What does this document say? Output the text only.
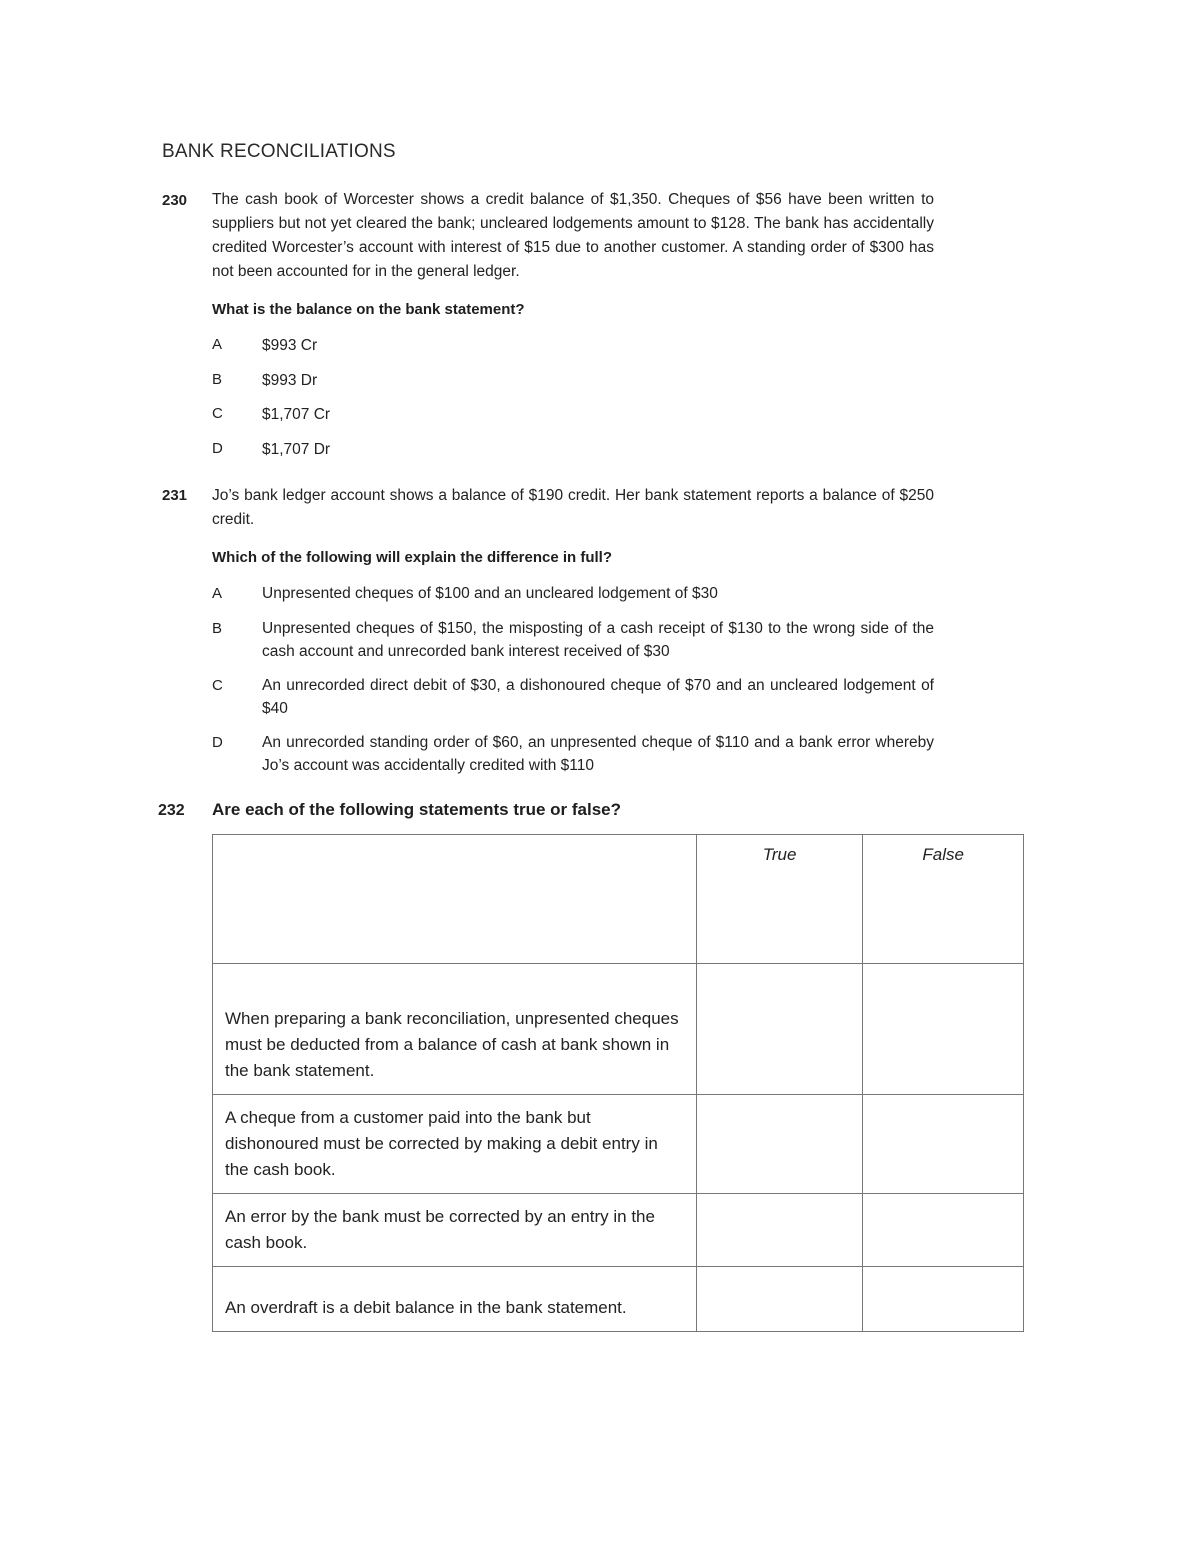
BANK RECONCILIATIONS
230 The cash book of Worcester shows a credit balance of $1,350. Cheques of $56 have been written to suppliers but not yet cleared the bank; uncleared lodgements amount to $128. The bank has accidentally credited Worcester’s account with interest of $15 due to another customer. A standing order of $300 has not been accounted for in the general ledger.
What is the balance on the bank statement?
A	$993 Cr
B	$993 Dr
C	$1,707 Cr
D	$1,707 Dr
231 Jo’s bank ledger account shows a balance of $190 credit. Her bank statement reports a balance of $250 credit.
Which of the following will explain the difference in full?
A	Unpresented cheques of $100 and an uncleared lodgement of $30
B	Unpresented cheques of $150, the misposting of a cash receipt of $130 to the wrong side of the cash account and unrecorded bank interest received of $30
C	An unrecorded direct debit of $30, a dishonoured cheque of $70 and an uncleared lodgement of $40
D	An unrecorded standing order of $60, an unpresented cheque of $110 and a bank error whereby Jo’s account was accidentally credited with $110
232 Are each of the following statements true or false?
	True	False
When preparing a bank reconciliation, unpresented cheques must be deducted from a balance of cash at bank shown in the bank statement.		
A cheque from a customer paid into the bank but dishonoured must be corrected by making a debit entry in the cash book.		
An error by the bank must be corrected by an entry in the cash book.		
An overdraft is a debit balance in the bank statement.		
